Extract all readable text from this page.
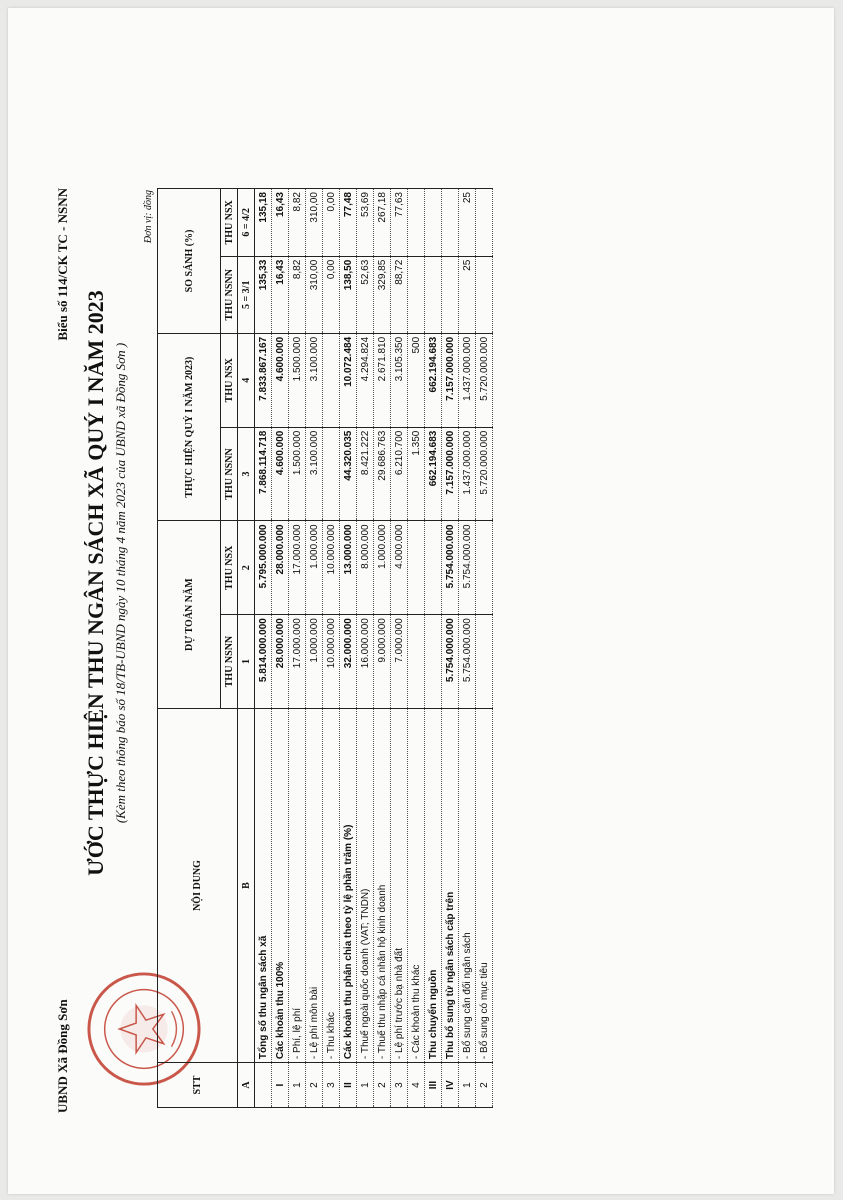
UBND Xã Đồng Sơn
Biểu số 114/CK TC - NSNN
ƯỚC THỰC HIỆN THU NGÂN SÁCH XÃ QUÝ I NĂM 2023 (Kèm theo thông báo số 18/TB-UBND ngày 10 tháng 4 năm 2023 của UBND xã Đồng Sơn )
Đơn vị: đồng
STT	NỘI DUNG	DỰ TOÁN NĂM		THỰC HIỆN QUÝ I NĂM 2023)		SO SÁNH (%)	
		THU NSNN	THU NSX	THU NSNN	THU NSX	THU NSNN	THU NSX
A	B	1	2	3	4	5 = 3/1	6 = 4/2
	Tổng số thu ngân sách xã	5.814.000.000	5.795.000.000	7.868.114.718	7.833.867.167	135,33	135,18
I	Các khoản thu 100%	28.000.000	28.000.000	4.600.000	4.600.000	16,43	16,43
1	- Phí, lệ phí	17.000.000	17.000.000	1.500.000	1.500.000	8,82	8,82
2	- Lệ phí môn bài	1.000.000	1.000.000	3.100.000	3.100.000	310,00	310,00
3	- Thu khác	10.000.000	10.000.000			0,00	0,00
II	Các khoản thu phân chia theo tỷ lệ phần trăm (%)	32.000.000	13.000.000	44.320.035	10.072.484	138,50	77,48
1	- Thuế ngoài quốc doanh (VAT; TNDN)	16.000.000	8.000.000	8.421.222	4.294.824	52,63	53,69
2	- Thuế thu nhập cá nhân hộ kinh doanh	9.000.000	1.000.000	29.686.763	2.671.810	329,85	267,18
3	- Lệ phí trước bạ nhà đất	7.000.000	4.000.000	6.210.700	3.105.350	88,72	77,63
4	- Các khoản thu khác			1.350	500		
III	Thu chuyển nguồn			662.194.683	662.194.683		
IV	Thu bổ sung từ ngân sách cấp trên	5.754.000.000	5.754.000.000	7.157.000.000	7.157.000.000		
1	- Bổ sung cân đối ngân sách	5.754.000.000	5.754.000.000	1.437.000.000	1.437.000.000	25	25
2	- Bổ sung có mục tiêu			5.720.000.000	5.720.000.000		
